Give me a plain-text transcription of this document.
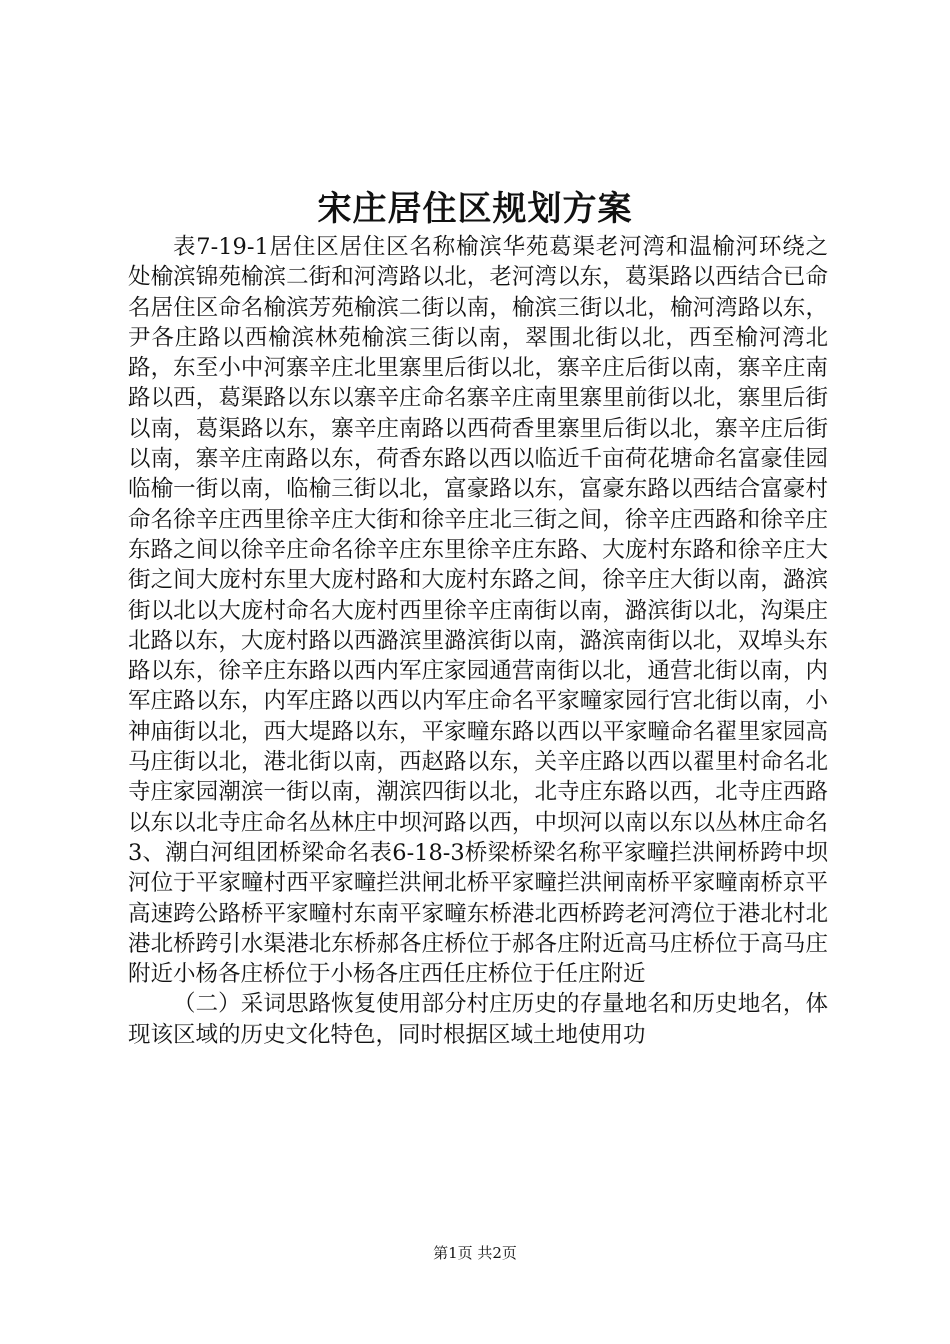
宋庄居住区规划方案

表7-19-1居住区居住区名称榆滨华苑葛渠老河湾和温榆河环绕之处榆滨锦苑榆滨二街和河湾路以北，老河湾以东，葛渠路以西结合已命名居住区命名榆滨芳苑榆滨二街以南，榆滨三街以北，榆河湾路以东，尹各庄路以西榆滨林苑榆滨三街以南，翠围北街以北，西至榆河湾北路，东至小中河寨辛庄北里寨里后街以北，寨辛庄后街以南，寨辛庄南路以西，葛渠路以东以寨辛庄命名寨辛庄南里寨里前街以北，寨里后街以南，葛渠路以东，寨辛庄南路以西荷香里寨里后街以北，寨辛庄后街以南，寨辛庄南路以东，荷香东路以西以临近千亩荷花塘命名富豪佳园临榆一街以南，临榆三街以北，富豪路以东，富豪东路以西结合富豪村命名徐辛庄西里徐辛庄大街和徐辛庄北三街之间，徐辛庄西路和徐辛庄东路之间以徐辛庄命名徐辛庄东里徐辛庄东路、大庞村东路和徐辛庄大街之间大庞村东里大庞村路和大庞村东路之间，徐辛庄大街以南，潞滨街以北以大庞村命名大庞村西里徐辛庄南街以南，潞滨街以北，沟渠庄北路以东，大庞村路以西潞滨里潞滨街以南，潞滨南街以北，双埠头东路以东，徐辛庄东路以西内军庄家园通营南街以北，通营北街以南，内军庄路以东，内军庄路以西以内军庄命名平家疃家园行宫北街以南，小神庙街以北，西大堤路以东，平家疃东路以西以平家疃命名翟里家园高马庄街以北，港北街以南，西赵路以东，关辛庄路以西以翟里村命名北寺庄家园潮滨一街以南，潮滨四街以北，北寺庄东路以西，北寺庄西路以东以北寺庄命名丛林庄中坝河路以西，中坝河以南以东以丛林庄命名3、潮白河组团桥梁命名表6-18-3桥梁桥梁名称平家疃拦洪闸桥跨中坝河位于平家疃村西平家疃拦洪闸北桥平家疃拦洪闸南桥平家疃南桥京平高速跨公路桥平家疃村东南平家疃东桥港北西桥跨老河湾位于港北村北港北桥跨引水渠港北东桥郝各庄桥位于郝各庄附近高马庄桥位于高马庄附近小杨各庄桥位于小杨各庄西任庄桥位于任庄附近

（二）采词思路恢复使用部分村庄历史的存量地名和历史地名，体现该区域的历史文化特色，同时根据区域土地使用功

第1页 共2页
